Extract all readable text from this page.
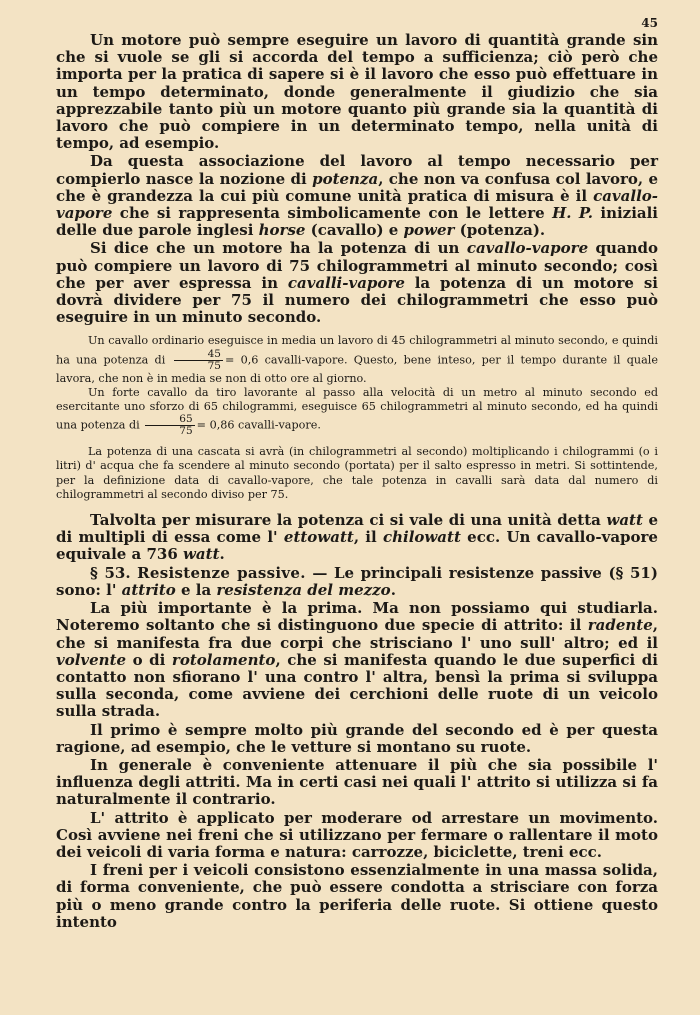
45

Un motore può sempre eseguire un lavoro di quantità grande sin che si vuole se gli si accorda del tempo a sufficienza; ciò però che importa per la pratica di sapere si è il lavoro che esso può effettuare in un tempo determinato, donde generalmente il giudizio che sia apprezzabile tanto più un motore quanto più grande sia la quantità di lavoro che può compiere in un determinato tempo, nella unità di tempo, ad esempio.

Da questa associazione del lavoro al tempo necessario per compierlo nasce la nozione di potenza, che non va confusa col lavoro, e che è grandezza la cui più comune unità pratica di misura è il cavallo-vapore che si rappresenta simbolicamente con le lettere H. P. iniziali delle due parole inglesi horse (cavallo) e power (potenza).

Si dice che un motore ha la potenza di un cavallo-vapore quando può compiere un lavoro di 75 chilogrammetri al minuto secondo; così che per aver espressa in cavalli-vapore la potenza di un motore si dovrà dividere per 75 il numero dei chilogrammetri che esso può eseguire in un minuto secondo.

Un cavallo ordinario eseguisce in media un lavoro di 45 chilogrammetri al minuto secondo, e quindi ha una potenza di $\frac{45}{75} = 0,6$ cavalli-vapore. Questo, bene inteso, per il tempo durante il quale lavora, che non è in media se non di otto ore al giorno.

Un forte cavallo da tiro lavorante al passo alla velocità di un metro al minuto secondo ed esercitante uno sforzo di 65 chilogrammi, eseguisce 65 chilogrammetri al minuto secondo, ed ha quindi una potenza di $\frac{65}{75} = 0,86$ cavalli-vapore.

La potenza di una cascata si avrà (in chilogrammetri al secondo) moltiplicando i chilogrammi (o i litri) d' acqua che fa scendere al minuto secondo (portata) per il salto espresso in metri. Si sottintende, per la definizione data di cavallo-vapore, che tale potenza in cavalli sarà data dal numero di chilogrammetri al secondo diviso per 75.

Talvolta per misurare la potenza ci si vale di una unità detta watt e di multipli di essa come l' ettowatt, il chilowatt ecc. Un cavallo-vapore equivale a 736 watt.

§ 53. Resistenze passive. — Le principali resistenze passive (§ 51) sono: l' attrito e la resistenza del mezzo.

La più importante è la prima. Ma non possiamo qui studiarla. Noteremo soltanto che si distinguono due specie di attrito: il radente, che si manifesta fra due corpi che strisciano l' uno sull' altro; ed il volvente o di rotolamento, che si manifesta quando le due superfici di contatto non sfiorano l' una contro l' altra, bensì la prima si sviluppa sulla seconda, come avviene dei cerchioni delle ruote di un veicolo sulla strada.

Il primo è sempre molto più grande del secondo ed è per questa ragione, ad esempio, che le vetture si montano su ruote.

In generale è conveniente attenuare il più che sia possibile l' influenza degli attriti. Ma in certi casi nei quali l' attrito si utilizza si fa naturalmente il contrario.

L' attrito è applicato per moderare od arrestare un movimento. Così avviene nei freni che si utilizzano per fermare o rallentare il moto dei veicoli di varia forma e natura: carrozze, biciclette, treni ecc.

I freni per i veicoli consistono essenzialmente in una massa solida, di forma conveniente, che può essere condotta a strisciare con forza più o meno grande contro la periferia delle ruote. Si ottiene questo intento
